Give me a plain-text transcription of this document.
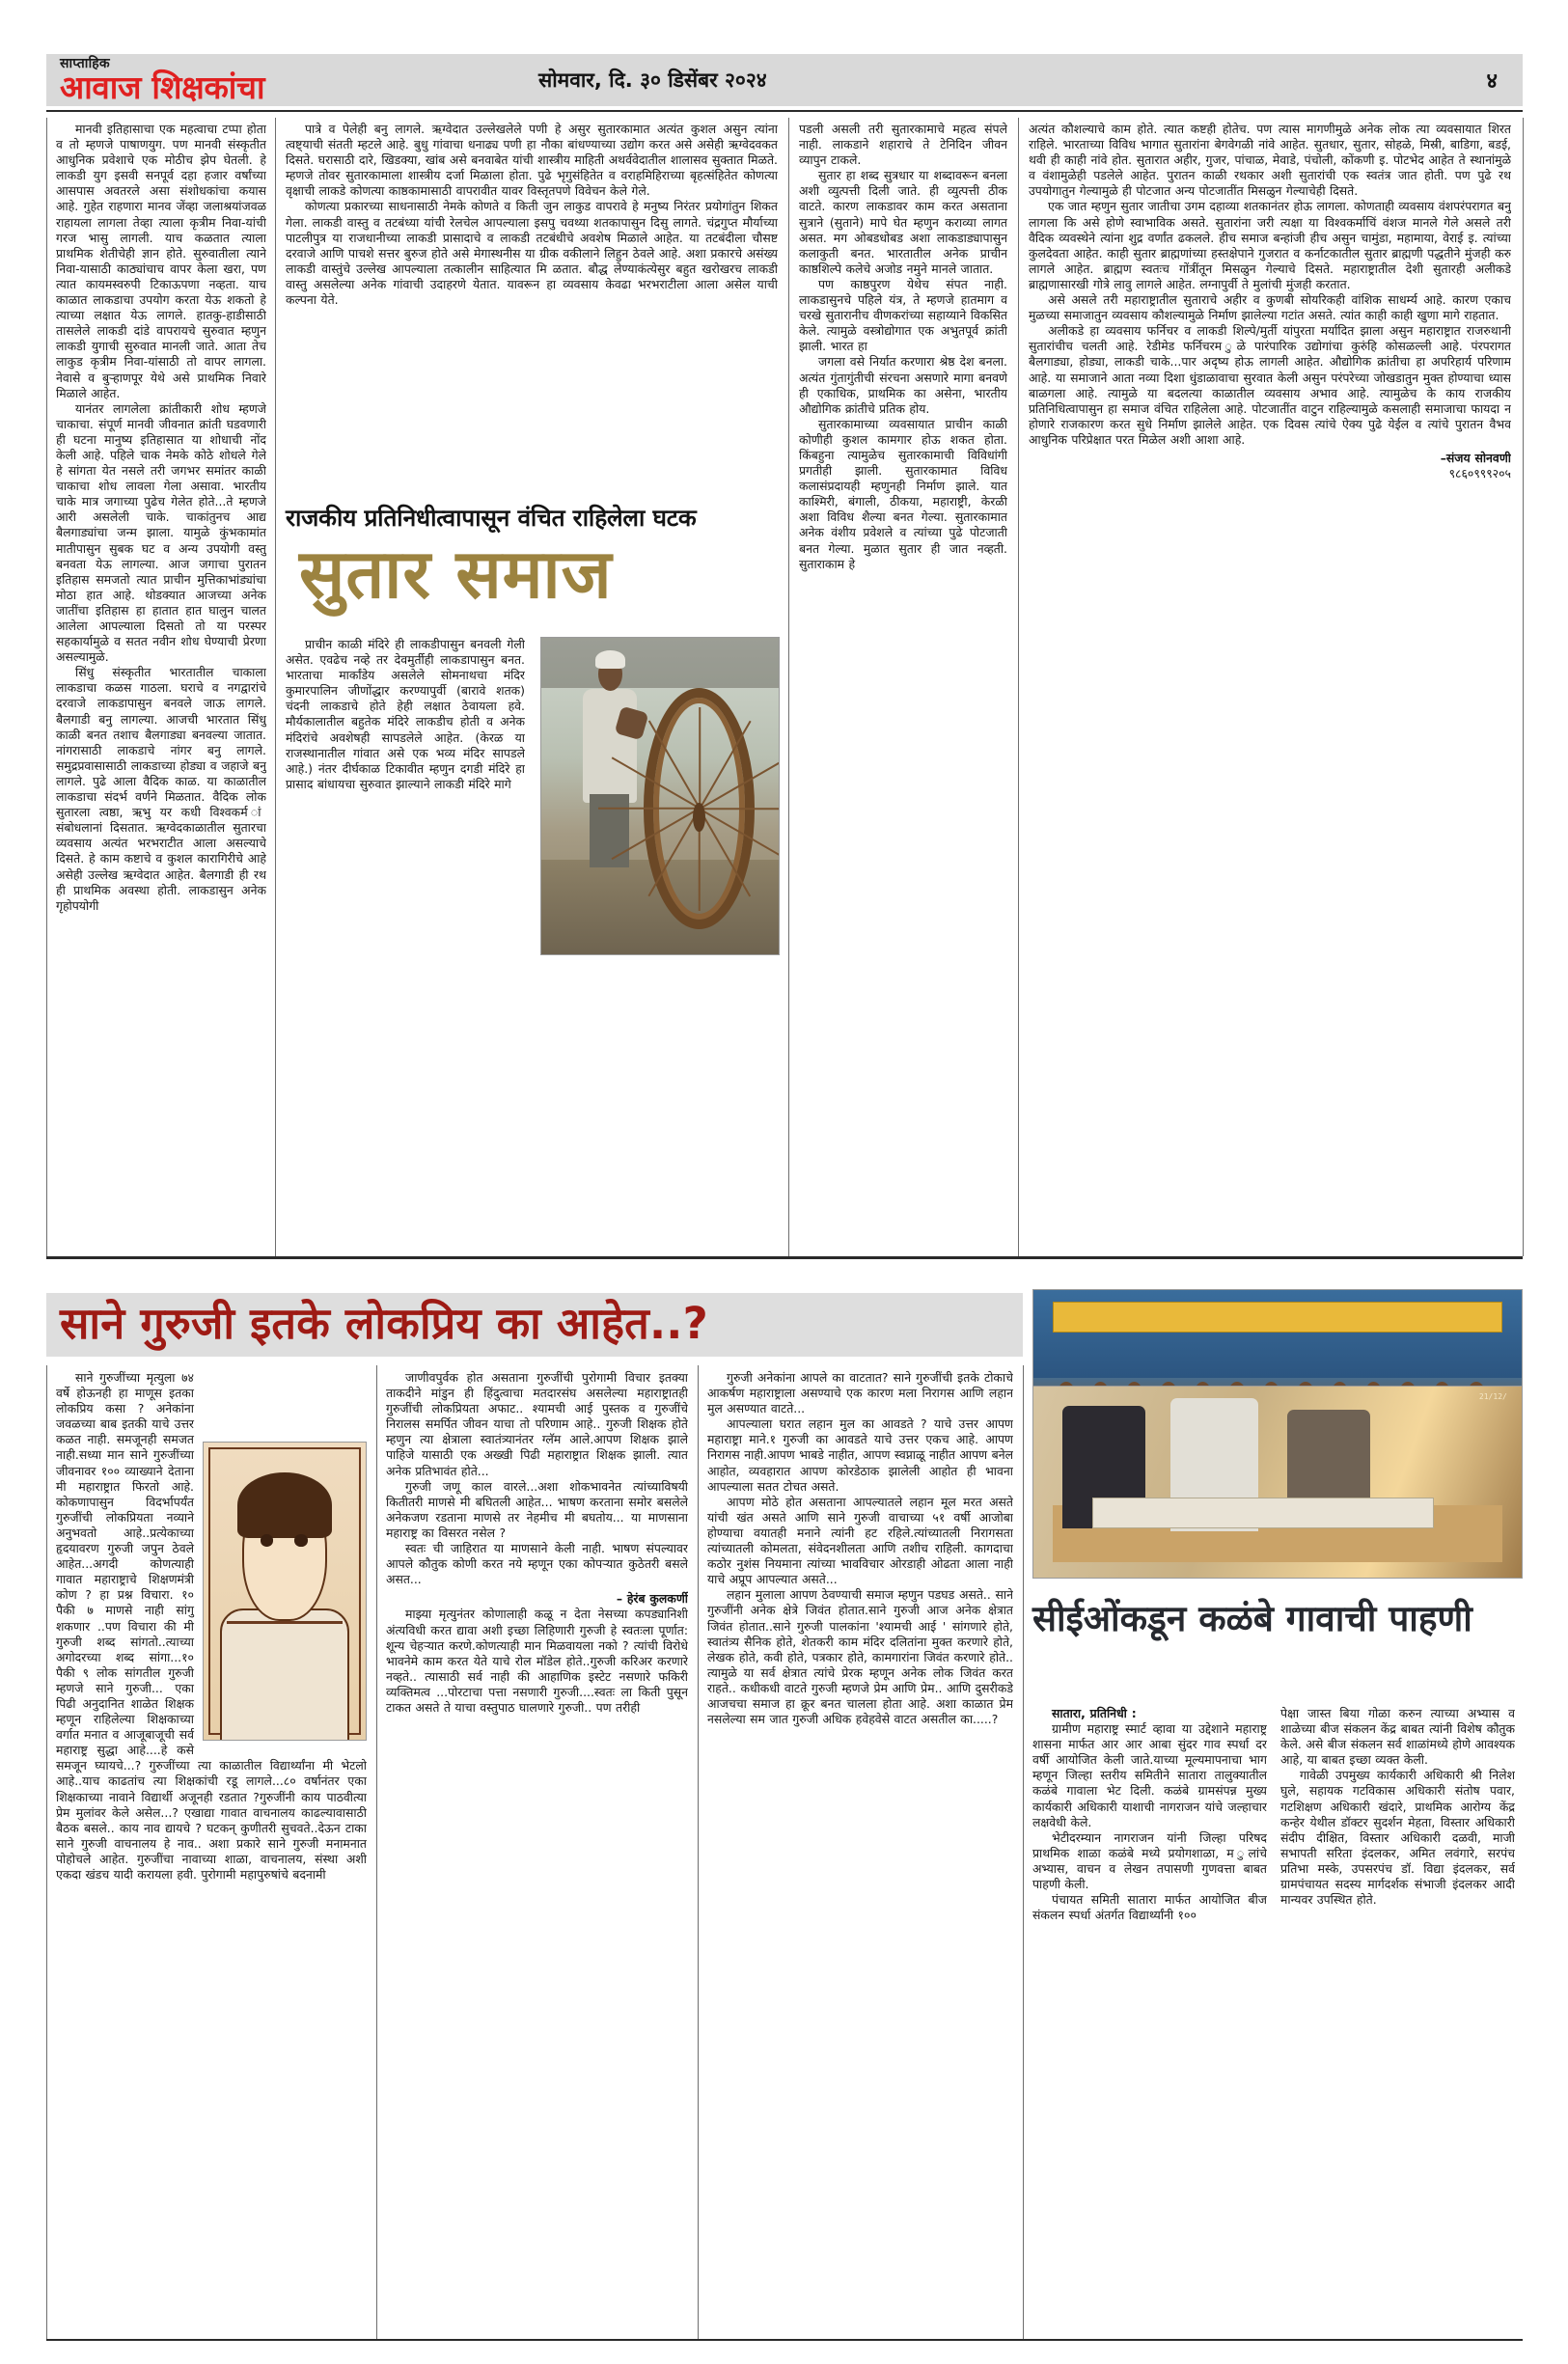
साप्ताहिक
आवाज शिक्षकांचा	सोमवार, दि. ३० डिसेंबर २०२४	४

मानवी इतिहासाचा एक महत्वाचा टप्पा होता व तो म्हणजे पाषाणयुग. पण मानवी संस्कृतीत आधुनिक प्रवेशाचे एक मोठीच झेप घेतली. हे लाकडी युग इसवी सनपूर्व दहा हजार वर्षांच्या आसपास अवतरले असा संशोधकांचा कयास आहे. गुहेत राहणारा मानव जेंव्हा जलाश्रयांजवळ राहायला लागला तेव्हा त्याला कृत्रीम निवा-यांची गरज भासु लागली. याच कळतात त्याला प्राथमिक शेतीचेही ज्ञान होते. सुरुवातीला त्याने निवा-यासाठी काठ्यांचाच वापर केला खरा, पण त्यात कायमस्वरुपी टिकाऊपणा नव्हता. याच काळात लाकडाचा उपयोग करता येऊ शकतो हे त्याच्या लक्षात येऊ लागले. हातकु-हाडीसाठी तासलेले लाकडी दांडे वापरायचे सुरुवात म्हणुन लाकडी युगाची सुरुवात मानली जाते. आता तेच लाकुड कृत्रीम निवा-यांसाठी तो वापर लागला. नेवासे व बुऱ्हाणपूर येथे असे प्राथमिक निवारे मिळाले आहेत.

यानंतर लागलेला क्रांतीकारी शोध म्हणजे चाकाचा. संपूर्ण मानवी जीवनात क्रांती घडवणारी ही घटना मानुष्य इतिहासात या शोधाची नोंद केली आहे. पहिले चाक नेमके कोठे शोधले गेले हे सांगता येत नसले तरी जगभर समांतर काळी चाकाचा शोध लावला गेला असावा. भारतीय चाके मात्र जगाच्या पुढेच गेलेत होते...ते म्हणजे आरी असलेली चाके. चाकांतुनच आद्य बैलगाड्यांचा जन्म झाला. यामुळे कुंभकामांत मातीपासुन सुबक घट व अन्य उपयोगी वस्तु बनवता येऊ लागल्या. आज जगाचा पुरातन इतिहास समजतो त्यात प्राचीन मुत्तिकाभांड्यांचा मोठा हात आहे. थोडक्यात आजच्या अनेक जातींचा इतिहास हा हातात हात घालुन चालत आलेला आपल्याला दिसतो तो या परस्पर सहकार्यामुळे व सतत नवीन शोध घेण्याची प्रेरणा असल्यामुळे.

सिंधु संस्कृतीत भारतातील चाकाला लाकडाचा कळस गाठला. घराचे व नगद्वारांचे दरवाजे लाकडापासुन बनवले जाऊ लागले. बैलगाडी बनु लागल्या. आजची भारतात सिंधु काळी बनत तशाच बैलगाड्या बनवल्या जातात. नांगरासाठी लाकडाचे नांगर बनु लागले. समुद्रप्रवासासाठी लाकडाच्या होड्या व जहाजे बनु लागले. पुढे आला वैदिक काळ. या काळातील लाकडाचा संदर्भ वर्णने मिळतात. वैदिक लोक सुतारला त्वष्ठा, ऋभु यर कधी विश्वकर्म ां संबोधलानां दिसतात. ऋग्वेदकाळातील सुतारचा व्यवसाय अत्यंत भरभराटीत आला असल्याचे दिसते. हे काम कष्टाचे व कुशल कारागिरीचे आहे असेही उल्लेख ऋग्वेदात आहेत. बैलगाडी ही रथ ही प्राथमिक अवस्था होती. लाकडासुन अनेक गृहोपयोगी

पात्रे व पेलेही बनु लागले. ऋग्वेदात उल्लेखलेले पणी हे असुर सुतारकामात अत्यंत कुशल असुन त्यांना त्वष्ट्याची संतती म्हटले आहे. बुधु गांवाचा धनाढ्य पणी हा नौका बांधण्याच्या उद्योग करत असे असेही ऋग्वेदवकत दिसते. घरासाठी दारे, खिडक्या, खांब असे बनवाबेत यांची शास्त्रीय माहिती अथर्ववेदातील शालासव सुक्तात मिळते. म्हणजे तोवर सुतारकामाला शास्त्रीय दर्जा मिळाला होता. पुढे भृगुसंहितेत व वराहमिहिराच्या बृहत्संहितेत कोणत्या वृक्षाची लाकडे कोणत्या काष्ठकामासाठी वापरावीत यावर विस्तृतपणे विवेचन केले गेले.

कोणत्या प्रकारच्या साधनासाठी नेमके कोणते व किती जुन लाकुड वापरावे हे मनुष्य निरंतर प्रयोगांतुन शिकत गेला. लाकडी वास्तु व तटबंध्या यांची रेलचेल आपल्याला इसपु चवथ्या शतकापासुन दिसु लागते. चंद्रगुप्त मौर्याच्या पाटलीपुत्र या राजधानीच्या लाकडी प्रासादाचे व लाकडी तटबंधीचे अवशेष मिळाले आहेत. या तटबंदीला चौसष्ट दरवाजे आणि पाचशे सत्तर बुरुज होते असे मेगास्थनीस या ग्रीक वकीलाने लिहुन ठेवले आहे. अशा प्रकारचे असंख्य लाकडी वास्तुंचे उल्लेख आपल्याला तत्कालीन साहित्यात मि ळतात. बौद्ध लेण्याकंत्येसुर बहुत खरोखरच लाकडी वास्तु असलेल्या अनेक गांवाची उदाहरणे येतात. यावरून हा व्यवसाय केवढा भरभराटीला आला असेल याची कल्पना येते.

राजकीय प्रतिनिधीत्वापासून वंचित राहिलेला घटक
सुतार समाज

प्राचीन काळी मंदिरे ही लाकडीपासुन बनवली गेली असेत. एवढेच नव्हे तर देवमुर्तीही लाकडापासुन बनत. भारताचा मार्कांडेय असलेले सोमनाथचा मंदिर कुमारपालिन जीणोंद्धार करण्यापुर्वी (बारावे शतक) चंदनी लाकडाचे होते हेही लक्षात ठेवायला हवे. मौर्यकालातील बहुतेक मंदिरे लाकडीच होती व अनेक मंदिरांचे अवशेषही सापडलेले आहेत. (केरळ या राजस्थानातील गांवात असे एक भव्य मंदिर सापडले आहे.) नंतर दीर्घकाळ टिकावीत म्हणुन दगडी मंदिरे हा प्रासाद बांधायचा सुरुवात झाल्याने लाकडी मंदिरे मागे

पडली असली तरी सुतारकामाचे महत्व संपले नाही. लाकडाने शहाराचे ते टेनिदिन जीवन व्यापुन टाकले.

सुतार हा शब्द सुत्रधार या शब्दावरून बनला अशी व्युत्पत्ती दिली जाते. ही व्युत्पत्ती ठीक वाटते. कारण लाकडावर काम करत असताना सुत्राने (सुताने) मापे घेत म्हणुन कराव्या लागत असत. मग ओबडधोबड अशा लाकडाड्यापासुन कलाकुती बनत. भारतातील अनेक प्राचीन काष्ठशिल्पे कलेचे अजोड नमुने मानले जातात.

पण काष्ठपुरण येथेच संपत नाही. लाकडासुनचे पहिले यंत्र, ते म्हणजे हातमाग व चरखे सुतारानीच वीणकरांच्या सहाय्याने विकसित केले. त्यामुळे वस्त्रोद्योगात एक अभुतपूर्व क्रांती झाली. भारत हा

जगला वसे निर्यात करणारा श्रेष्ठ देश बनला. अत्यंत गुंतागुंतीची संरचना असणारे मागा बनवणे ही एकाधिक, प्राथमिक का असेना, भारतीय औद्योगिक क्रांतीचे प्रतिक होय.

सुतारकामाच्या व्यवसायात प्राचीन काळी कोणीही कुशल कामगार होऊ शकत होता. किंबहुना त्यामुळेच सुतारकामाची विविधांगी प्रगतीही झाली. सुतारकामात विविध कलासंप्रदायही म्हणुनही निर्माण झाले. यात काश्मिरी, बंगाली, ठीकया, महाराष्ट्री, केरळी अशा विविध शैल्या बनत गेल्या. सुतारकामात अनेक वंशीय प्रवेशले व त्यांच्या पुढे पोटजाती बनत गेल्या. मुळात सुतार ही जात नव्हती. सुताराकाम हे

अत्यंत कौशल्याचे काम होते. त्यात कष्टही होतेच. पण त्यास मागणीमुळे अनेक लोक त्या व्यवसायात शिरत राहिले. भारताच्या विविध भागात सुतारांना बेगवेगळी नांवे आहेत. सुतधार, सुतार, सोहळे, मिस्री, बाडिगा, बडई, थवी ही काही नांवे होत. सुतारात अहीर, गुजर, पांचाळ, मेवाडे, पंचोली, कोंकणी इ. पोटभेद आहेत ते स्थानांमुळे व वंशामुळेही पडलेले आहेत. पुरातन काळी रथकार अशी सुतारांची एक स्वतंत्र जात होती. पण पुढे रथ उपयोगातुन गेल्यामुळे ही पोटजात अन्य पोटजातींत मिसळुन गेल्याचेही दिसते.

एक जात म्हणुन सुतार जातीचा उगम दहाव्या शतकानंतर होऊ लागला. कोणताही व्यवसाय वंशपरंपरागत बनु लागला कि असे होणे स्वाभाविक असते. सुतारांना जरी त्यक्षा या विश्वकर्माचिं वंशज मानले गेले असले तरी वैदिक व्यवस्थेने त्यांना शुद्र वर्णांत ढकलले. हीच समाज बन्हांजी हीच असुन चामुंडा, महामाया, वेराई इ. त्यांच्या कुलदेवता आहेत. काही सुतार ब्राह्मणांच्या हस्तक्षेपाने गुजरात व कर्नाटकातील सुतार ब्राह्मणी पद्धतीने मुंजही करु लागले आहेत. ब्राह्मण स्वतःच गोंत्रींतून मिसळुन गेल्याचे दिसते. महाराष्ट्रातील देशी सुतारही अलीकडे ब्राह्मणासारखी गोत्रे लावु लागले आहेत. लग्नापुर्वी ते मुलांची मुंजही करतात.

असे असले तरी महाराष्ट्रातील सुताराचे अहीर व कुणबी सोयरिकही वांशिक साधर्म्य आहे. कारण एकाच मुळच्या समाजातुन व्यवसाय कौशल्यामुळे निर्माण झालेल्या गटांत असते. त्यांत काही काही खुणा मागे राहतात.

अलीकडे हा व्यवसाय फर्निचर व लाकडी शिल्पे/मुर्ती यांपुरता मर्यादित झाला असुन महाराष्ट्रात राजरुथानी सुतारांचीच चलती आहे. रेडीमेड फर्निचरम ुळे पारंपारिक उद्योगांचा कुरुंहि कोसळल्ली आहे. पंरपरागत बैलगाड्या, होड्या, लाकडी चाके...पार अदृष्य होऊ लागली आहेत. औद्योगिक क्रांतीचा हा अपरिहार्य परिणाम आहे. या समाजाने आता नव्या दिशा धुंडाळावाचा सुरवात केली असुन परंपरेच्या जोखडातुन मुक्त होण्याचा ध्यास बाळगला आहे. त्यामुळे या बदलत्या काळातील व्यवसाय अभाव आहे. त्यामुळेच के काय राजकीय प्रतिनिधित्वापासुन हा समाज वंचित राहिलेला आहे. पोटजातींत वाटुन राहिल्यामुळे कसलाही समाजाचा फायदा न होणारे राजकारण करत सुधे निर्माण झालेले आहेत. एक दिवस त्यांचे ऐक्य पुढे येईल व त्यांचे पुरातन वैभव आधुनिक परिप्रेक्षात परत मिळेल अशी आशा आहे.

–संजय सोनवणी
९८६०९९९२०५
साने गुरुजी इतके लोकप्रिय का आहेत..?
21/12/
सीईओंकडून कळंबे गावाची पाहणी

साने गुरुजींच्या मृत्युला ७४ वर्षे होऊनही हा माणूस इतका लोकप्रिय कसा ? अनेकांना जवळच्या बाब इतकी याचे उत्तर कळत नाही. समजूनही समजत नाही.सध्या मान साने गुरुजींच्या जीवनावर १०० व्याख्याने देताना मी महाराष्ट्रात फिरतो आहे. कोकणापासुन विदर्भापर्यंत गुरुजींची लोकप्रियता नव्याने अनुभवतो आहे..प्रत्येकाच्या हृदयावरण गुरुजी जपुन ठेवले आहेत...अगदी कोणत्याही गावात महाराष्ट्राचे शिक्षणमंत्री कोण ? हा प्रश्न विचारा. १० पैकी ७ माणसे नाही सांगु शकणार ..पण विचारा की मी गुरुजी शब्द सांगतो..त्याच्या अगोदरच्या शब्द सांगा...१० पैकी ९ लोक सांगतील गुरुजी म्हणजे साने गुरुजी... एका पिढी अनुदानित शाळेत शिक्षक म्हणून राहिलेल्या शिक्षकाच्या वर्गात मनात व आजूबाजूची सर्व महाराष्ट्र सुद्धा आहे....हे कसे समजून घ्यायचे...? गुरुजींच्या त्या काळातील विद्यार्थ्यांना मी भेटलो आहे..याच काढतांच त्या शिक्षकांची रडू लागले...८० वर्षानंतर एका शिक्षकाच्या नावाने विद्यार्थी अजूनही रडतात ?गुरुजींनी काय पाठवीत्या प्रेम मुलांवर केले असेल...? एखाद्या गावात वाचनालय काढल्यावासाठी बैठक बसले.. काय नाव द्यायचे ? घटकन् कुणीतरी सुचवते..देऊन टाका साने गुरुजी वाचनालय हे नाव.. अशा प्रकारे साने गुरुजी मनामनात पोहोचले आहेत. गुरुजींचा नावाच्या शाळा, वाचनालय, संस्था अशी एकदा खंडच यादी करायला हवी. पुरोगामी महापुरुषांचे बदनामी

जाणीवपुर्वक होत असताना गुरुजींची पुरोगामी विचार इतक्या ताकदीने मांडुन ही हिंदुत्वाचा मतदारसंघ असलेल्या महाराष्ट्रातही गुरुजींची लोकप्रियता अफाट.. श्यामची आई पुस्तक व गुरुजींचे निरालस समर्पित जीवन याचा तो परिणाम आहे.. गुरुजी शिक्षक होते म्हणुन त्या क्षेत्राला स्वातंत्र्यानंतर ग्लॅम आले.आपण शिक्षक झाले पाहिजे यासाठी एक अख्खी पिढी महाराष्ट्रात शिक्षक झाली. त्यात अनेक प्रतिभावंत होते...

गुरुजी जणू काल वारले...अशा शोकभावनेत त्यांच्याविषयी कितीतरी माणसे मी बघितली आहेत... भाषण करताना समोर बसलेले अनेकजण रडताना माणसे तर नेहमीच मी बघतोय... या माणसाना महाराष्ट्र का विसरत नसेल ?

स्वतः ची जाहिरात या माणसाने केली नाही. भाषण संपल्यावर आपले कौतुक कोणी करत नये म्हणून एका कोपऱ्यात कुठेतरी बसले असत...

– हेरंब कुलकर्णी

माझ्या मृत्युनंतर कोणालाही कळू न देता नेसच्या कपड्यानिशी अंत्यविधी करत द्यावा अशी इच्छा लिहिणारी गुरुजी हे स्वतःला पूर्णात: शून्य चेहऱ्यात करणे.कोणत्याही मान मिळवायला नको ? त्यांची विरोधे भावनेमे काम करत येते याचे रोल मॉडेल होते..गुरुजी करिअर करणारे नव्हते.. त्यासाठी सर्व नाही की आहाणिक इस्टेट नसणारे फकिरी व्यक्तिमत्व ...पोरटाचा पत्ता नसणारी गुरुजी....स्वतः ला किती पुसून टाकत असते ते याचा वस्तुपाठ घालणारे गुरुजी.. पण तरीही

गुरुजी अनेकांना आपले का वाटतात? साने गुरुजींची इतके टोकाचे आकर्षण महाराष्ट्राला असण्याचे एक कारण मला निरागस आणि लहान मुल असण्यात वाटते...

आपल्याला घरात लहान मुल का आवडते ? याचे उत्तर आपण महाराष्ट्रा माने.१ गुरुजी का आवडते याचे उत्तर एकच आहे. आपण निरागस नाही.आपण भाबडे नाहीत, आपण स्वप्नाळू नाहीत आपण बनेल आहोत, व्यवहारात आपण कोरडेठाक झालेली आहोत ही भावना आपल्याला सतत टोचत असते.

आपण मोठे होत असताना आपल्यातले लहान मूल मरत असते यांची खंत असते आणि साने गुरुजी वाचाच्या ५१ वर्षी आजोबा होण्याचा वयातही मनाने त्यांनी हट रहिले.त्यांच्यातली निरागसता त्यांच्यातली कोमलता, संवेदनशीलता आणि तशीच राहिली. कागदाचा कठोर नुशंस नियमाना त्यांच्या भावविचार ओरडाही ओढता आला नाही याचे अप्रूप आपल्यात असते...

लहान मुलाला आपण ठेवण्याची समाज म्हणुन पडघड असते.. साने गुरुजींनी अनेक क्षेत्रे जिवंत होतात.साने गुरुजी आज अनेक क्षेत्रात जिवंत होतात..साने गुरुजी पालकांना 'श्यामची आई ' सांगणारे होते, स्वातंत्र्य सैनिक होते, शेतकरी काम मंदिर दलितांना मुक्त करणारे होते, लेखक होते, कवी होते, पत्रकार होते, कामगारांना जिवंत करणारे होते.. त्यामुळे या सर्व क्षेत्रात त्यांचे प्रेरक म्हणून अनेक लोक जिवंत करत राहते.. कधीकधी वाटते गुरुजी म्हणजे प्रेम आणि प्रेम.. आणि दुसरीकडे आजचचा समाज हा क्रूर बनत चालला होता आहे. अशा काळात प्रेम नसलेल्या सम जात गुरुजी अधिक हवेहवेसे वाटत असतील का.....?	सातारा, प्रतिनिधी :

ग्रामीण महाराष्ट्र स्मार्ट व्हावा या उद्देशाने महाराष्ट्र शासना मार्फत आर आर आबा सुंदर गाव स्पर्धा दर वर्षी आयोजित केली जाते.याच्या मूल्यमापनाचा भाग म्हणून जिल्हा स्तरीय समितीने सातारा तालुक्यातील कळंबे गावाला भेट दिली. कळंबे ग्रामसंपन्न मुख्य कार्यकारी अधिकारी याशाची नागराजन यांचे जल्हाचार लक्षवेधी केले.

भेटीदरम्यान नागराजन यांनी जिल्हा परिषद प्राथमिक शाळा कळंबे मध्ये प्रयोगशाळा, म ुलांचे अभ्यास, वाचन व लेखन तपासणी गुणवत्ता बाबत पाहणी केली.

पंचायत समिती सातारा मार्फत आयोजित बीज संकलन स्पर्धा अंतर्गत विद्यार्थ्यांनी १००

पेक्षा जास्त बिया गोळा करुन त्याच्या अभ्यास व शाळेच्या बीज संकलन केंद्र बाबत त्यांनी विशेष कौतुक केले. असे बीज संकलन सर्व शाळांमध्ये होणे आवश्यक आहे, या बाबत इच्छा व्यक्त केली.

गावेळी उपमुख्य कार्यकारी अधिकारी श्री निलेश घुले, सहायक गटविकास अधिकारी संतोष पवार, गटशिक्षण अधिकारी खंदारे, प्राथमिक आरोग्य केंद्र कन्हेर येथील डॉक्टर सुदर्शन मेहता, विस्तार अधिकारी संदीप दीक्षित, विस्तार अधिकारी दळवी, माजी सभापती सरिता इंदलकर, अमित लवंगारे, सरपंच प्रतिभा मस्के, उपसरपंच डॉ. विद्या इंदलकर, सर्व ग्रामपंचायत सदस्य मार्गदर्शक संभाजी इंदलकर आदी मान्यवर उपस्थित होते.
